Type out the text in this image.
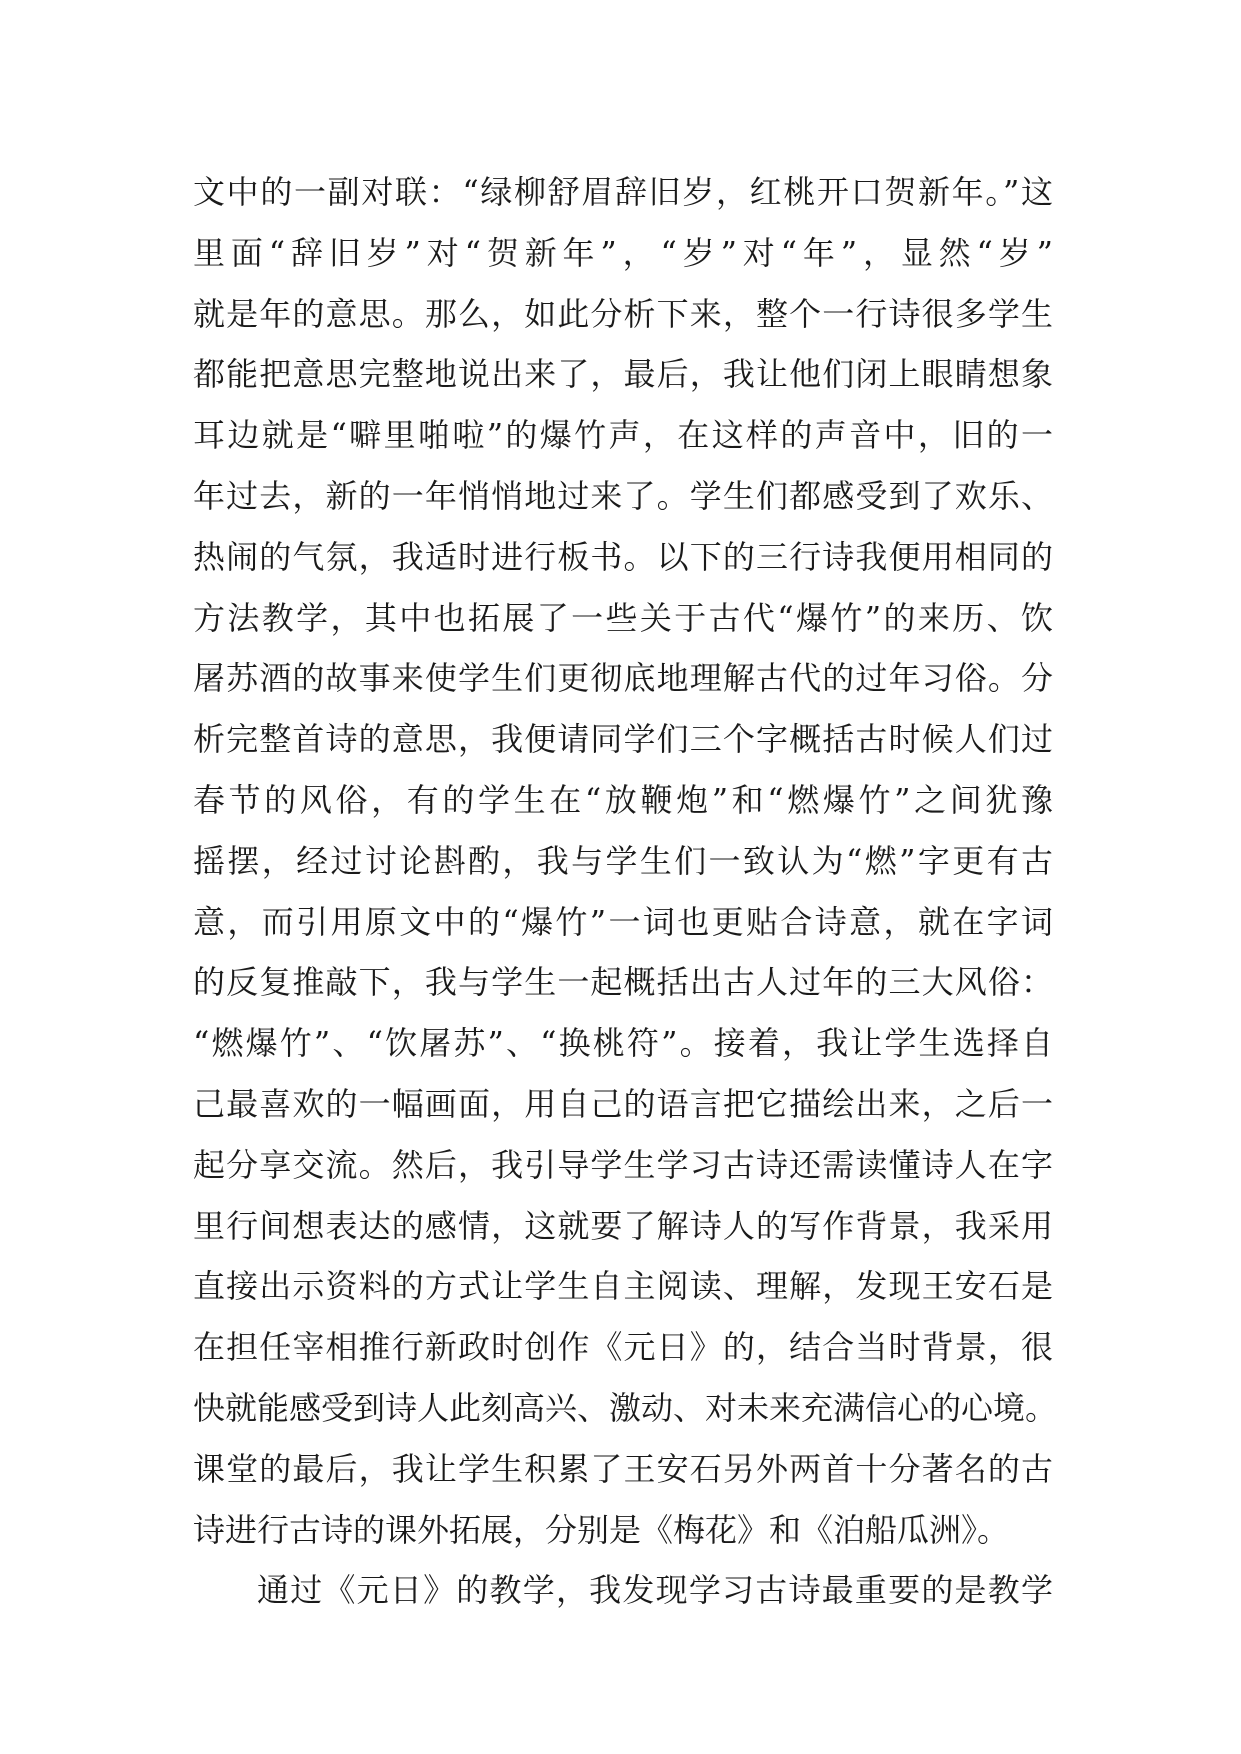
文中的一副对联：“绿柳舒眉辞旧岁，红桃开口贺新年。”这
里面“辞旧岁”对“贺新年”，“岁”对“年”，显然“岁”
就是年的意思。那么，如此分析下来，整个一行诗很多学生
都能把意思完整地说出来了，最后，我让他们闭上眼睛想象
耳边就是“噼里啪啦”的爆竹声，在这样的声音中，旧的一
年过去，新的一年悄悄地过来了。学生们都感受到了欢乐、
热闹的气氛，我适时进行板书。以下的三行诗我便用相同的
方法教学，其中也拓展了一些关于古代“爆竹”的来历、饮
屠苏酒的故事来使学生们更彻底地理解古代的过年习俗。分
析完整首诗的意思，我便请同学们三个字概括古时候人们过
春节的风俗，有的学生在“放鞭炮”和“燃爆竹”之间犹豫
摇摆，经过讨论斟酌，我与学生们一致认为“燃”字更有古
意，而引用原文中的“爆竹”一词也更贴合诗意，就在字词
的反复推敲下，我与学生一起概括出古人过年的三大风俗：
“燃爆竹”、“饮屠苏”、“换桃符”。接着，我让学生选择自
己最喜欢的一幅画面，用自己的语言把它描绘出来，之后一
起分享交流。然后，我引导学生学习古诗还需读懂诗人在字
里行间想表达的感情，这就要了解诗人的写作背景，我采用
直接出示资料的方式让学生自主阅读、理解，发现王安石是
在担任宰相推行新政时创作《元日》的，结合当时背景，很
快就能感受到诗人此刻高兴、激动、对未来充满信心的心境。
课堂的最后，我让学生积累了王安石另外两首十分著名的古
诗进行古诗的课外拓展，分别是《梅花》和《泊船瓜洲》。
通过《元日》的教学，我发现学习古诗最重要的是教学
